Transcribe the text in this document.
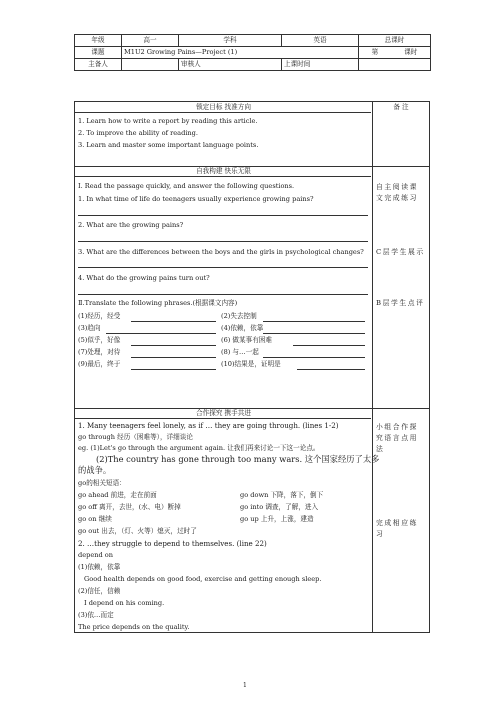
年级	高一	学科	英语	总课时
课题	M1U2 Growing Pains—Project (1)			第 课时
主备人		审核人	上课时间	
锁定目标 找准方向	备 注
1. Learn how to write a report by reading this article.
2. To improve the ability of reading.
3. Learn and master some important language points.
自我构建 快乐无限
Ⅰ. Read the passage quickly, and answer the following questions.
1. In what time of life do teenagers usually experience growing pains?
2. What are the growing pains?
3. What are the differences between the boys and the girls in psychological changes?
4. What do the growing pains turn out?
Ⅱ.Translate the following phrases.(根据课文内容)
(1)经历，经受	(2)失去控制
(3)趋向	(4)依赖，依靠
(5)似乎，好像	(6) 做某事有困难
(7)处理，对待	(8) 与…一起
(9)最后，终于	(10)结果是，证明是
自主阅读课文完成练习
C层学生展示
B层学生点评
合作探究 携手共进
1. Many teenagers feel lonely, as if … they are going through. (lines 1-2)
go through 经历（困难等），详细谈论
eg. (1)Let's go through the argument again. 让我们再来讨论一下这一论点。
(2)The country has gone through too many wars. 这个国家经历了太多
的战争。
go的相关短语：
go ahead 前进，走在前面	go down 下降，落下，倒下
go off 离开，去世，(水、电）断掉	go into 调查，了解，进入
go on 继续	go up 上升，上涨，建造
go out 出去，（灯、火等）熄灭，过时了
2. …they struggle to depend to themselves. (line 22)
depend on
(1)依赖，依靠
Good health depends on good food, exercise and getting enough sleep.
(2)信任，信赖
I depend on his coming.
(3)依…而定
The price depends on the quality.
小组合作探究语言点用法
完成相应练习
1
